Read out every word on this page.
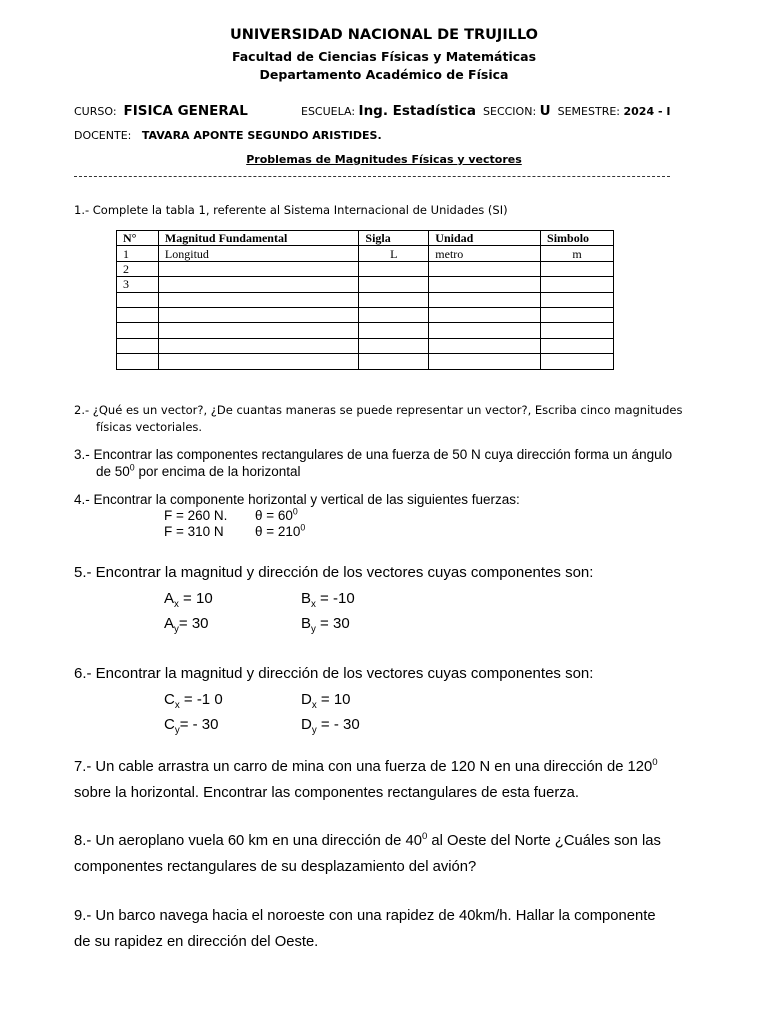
UNIVERSIDAD NACIONAL DE TRUJILLO
Facultad de Ciencias Físicas y Matemáticas
Departamento Académico de Física
CURSO: FISICA GENERAL	ESCUELA: Ing. Estadística SECCION: U SEMESTRE: 2024 - I
DOCENTE: TAVARA APONTE SEGUNDO ARISTIDES.
Problemas de Magnitudes Físicas y vectores
1.- Complete la tabla 1, referente al Sistema Internacional de Unidades (SI)
N°	Magnitud Fundamental	Sigla	Unidad	Simbolo
1	Longitud	L	metro	m
2				
3				

2.- ¿Qué es un vector?, ¿De cuantas maneras se puede representar un vector?, Escriba cinco magnitudes
físicas vectoriales.
3.- Encontrar las componentes rectangulares de una fuerza de 50 N cuya dirección forma un ángulo
de $50^0$ por encima de la horizontal
4.- Encontrar la componente horizontal y vertical de las siguientes fuerzas:
F = 260 N. $\theta = 60^0$
F = 310 N $\theta = 210^0$
5.- Encontrar la magnitud y dirección de los vectores cuyas componentes son:
$A_x = 10$	$B_x = -10$
$A_y= 30$	$B_y = 30$
6.- Encontrar la magnitud y dirección de los vectores cuyas componentes son:
$C_x = -1$ 0	$D_x = 10$
$C_y= - 30$	$D_y$ = - 30
7.- Un cable arrastra un carro de mina con una fuerza de 120 N en una dirección de $120^0$
sobre la horizontal. Encontrar las componentes rectangulares de esta fuerza.
8.- Un aeroplano vuela 60 km en una dirección de $40^0$ al Oeste del Norte ¿Cuáles son las
componentes rectangulares de su desplazamiento del avión?
9.- Un barco navega hacia el noroeste con una rapidez de 40km/h. Hallar la componente
de su rapidez en dirección del Oeste.
